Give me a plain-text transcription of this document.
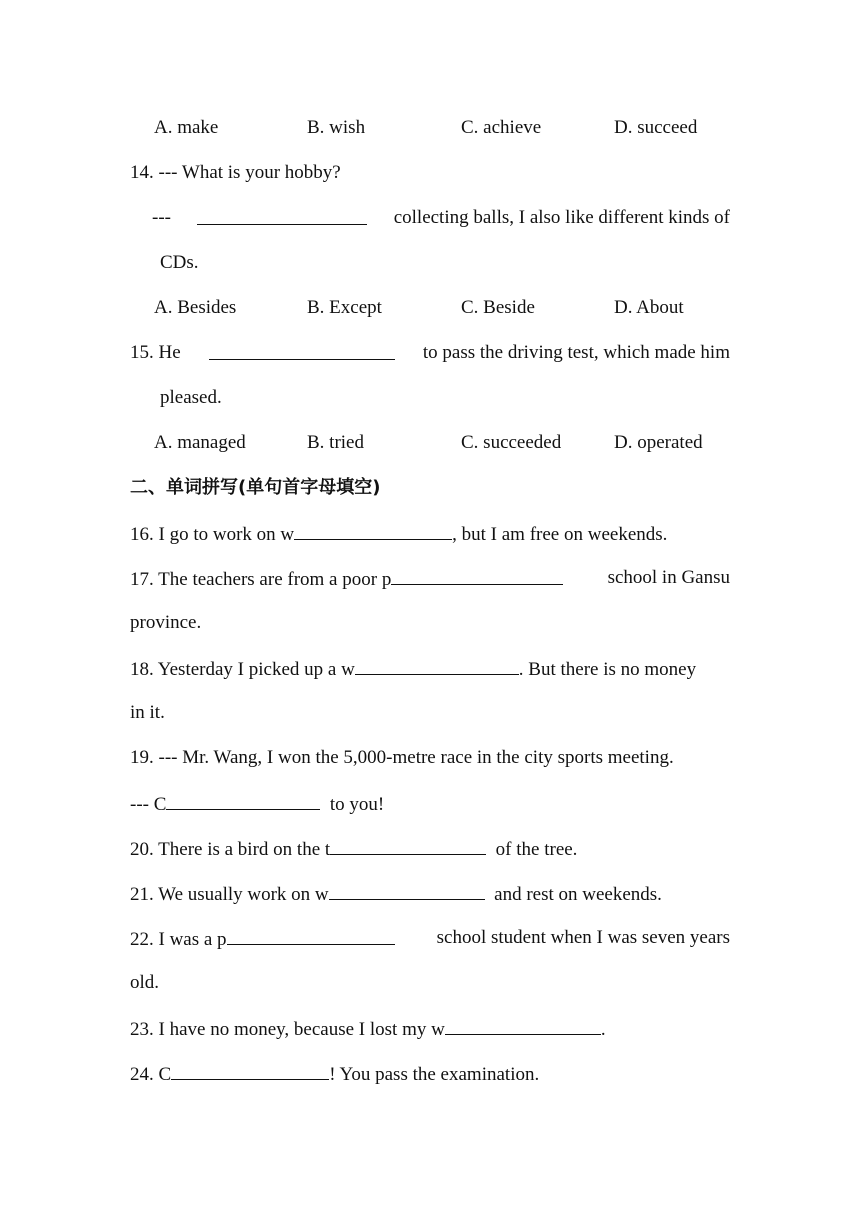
A. make	B. wish	C. achieve	D. succeed
14. --- What is your hobby?
---	collecting balls, I also like different kinds of
CDs.
A. Besides	B. Except	C. Beside	D. About
15. He	to pass the driving test, which made him
pleased.
A. managed	B. tried	C. succeeded	D. operated
二、单词拼写(单句首字母填空)
16. I go to work on w	, but I am free on weekends.
17. The teachers are from a poor p	school in Gansu
province.
18. Yesterday I picked up a w	. But there is no money
in it.
19. --- Mr. Wang, I won the 5,000-metre race in the city sports meeting.
--- C	to you!
20. There is a bird on the t	of the tree.
21. We usually work on w	and rest on weekends.
22. I was a p	school student when I was seven years
old.
23. I have no money, because I lost my w	.
24. C	! You pass the examination.
